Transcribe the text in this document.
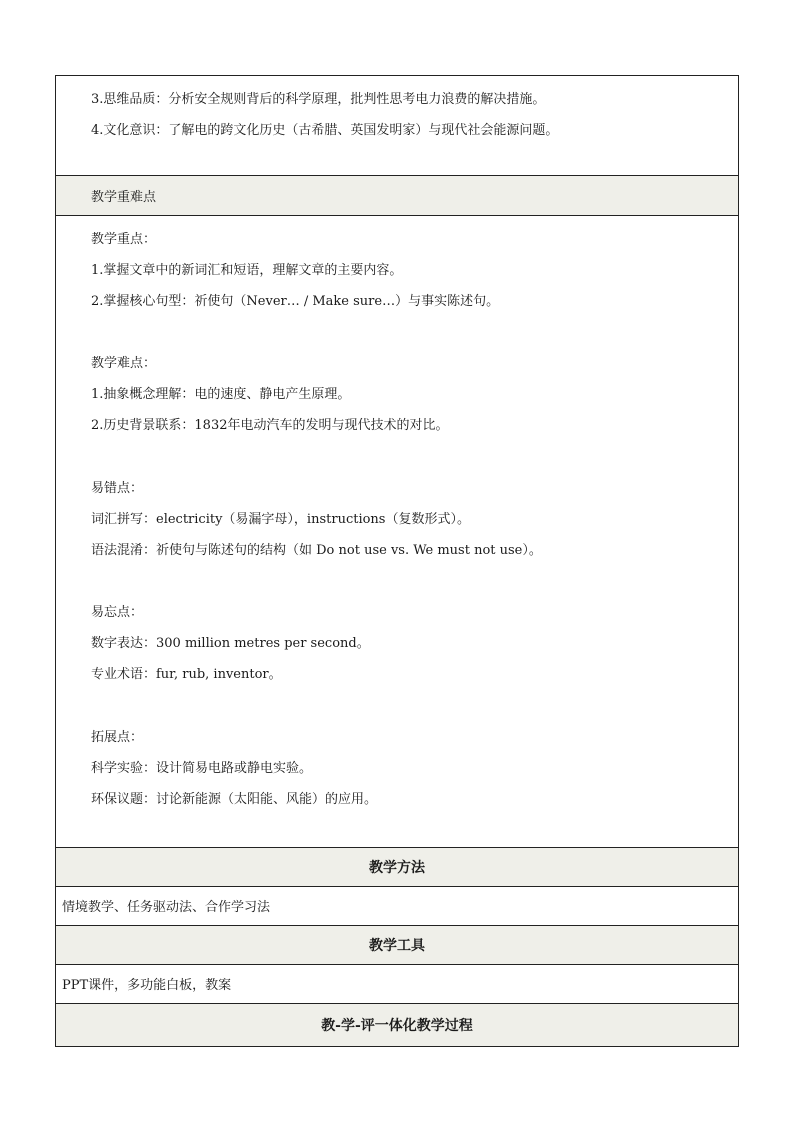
3.思维品质：分析安全规则背后的科学原理，批判性思考电力浪费的解决措施。
4.文化意识：了解电的跨文化历史（古希腊、英国发明家）与现代社会能源问题。
教学重难点
教学重点：
1.掌握文章中的新词汇和短语，理解文章的主要内容。
2.掌握核心句型：祈使句（Never… / Make sure…）与事实陈述句。
教学难点：
1.抽象概念理解：电的速度、静电产生原理。
2.历史背景联系：1832年电动汽车的发明与现代技术的对比。
易错点：
词汇拼写：electricity（易漏字母），instructions（复数形式）。
语法混淆：祈使句与陈述句的结构（如 Do not use vs. We must not use）。
易忘点：
数字表达：300 million metres per second。
专业术语：fur, rub, inventor。
拓展点：
科学实验：设计简易电路或静电实验。
环保议题：讨论新能源（太阳能、风能）的应用。
教学方法
情境教学、任务驱动法、合作学习法
教学工具
PPT课件，多功能白板，教案
教-学-评一体化教学过程
